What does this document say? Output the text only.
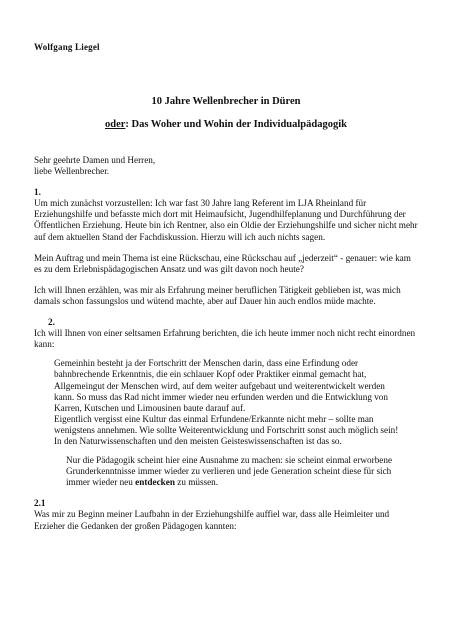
Wolfgang Liegel
10 Jahre Wellenbrecher in Düren
oder: Das Woher und Wohin der Individualpädagogik

Sehr geehrte Damen und Herren,

liebe Wellenbrecher.

1.

Um mich zunächst vorzustellen: Ich war fast 30 Jahre lang Referent im LJA Rheinland für Erziehungshilfe und befasste mich dort mit Heimaufsicht, Jugendhilfeplanung und Durchführung der Öffentlichen Erziehung. Heute bin ich Rentner, also ein Oldie der Erziehungshilfe und sicher nicht mehr auf dem aktuellen Stand der Fachdiskussion. Hierzu will ich auch nichts sagen.

Mein Auftrag und mein Thema ist eine Rückschau, eine Rückschau auf „jederzeit“ - genauer: wie kam es zu dem Erlebnispädagogischen Ansatz und was gilt davon noch heute?

Ich will Ihnen erzählen, was mir als Erfahrung meiner beruflichen Tätigkeit geblieben ist, was mich damals schon fassungslos und wütend machte, aber auf Dauer hin auch endlos müde machte.

2.

Ich will Ihnen von einer seltsamen Erfahrung berichten, die ich heute immer noch nicht recht einordnen kann:

Gemeinhin besteht ja der Fortschritt der Menschen darin, dass eine Erfindung oder bahnbrechende Erkenntnis, die ein schlauer Kopf oder Praktiker einmal gemacht hat, Allgemeingut der Menschen wird, auf dem weiter aufgebaut und weiterentwickelt werden kann. So muss das Rad nicht immer wieder neu erfunden werden und die Entwicklung von Karren, Kutschen und Limousinen baute darauf auf.

Eigentlich vergisst eine Kultur das einmal Erfundene/Erkannte nicht mehr – sollte man wenigstens annehmen. Wie sollte Weiterentwicklung und Fortschritt sonst auch möglich sein! In den Naturwissenschaften und den meisten Geisteswissenschaften ist das so.

Nur die Pädagogik scheint hier eine Ausnahme zu machen: sie scheint einmal erworbene Grunderkenntnisse immer wieder zu verlieren und jede Generation scheint diese für sich immer wieder neu entdecken zu müssen.

2.1

Was mir zu Beginn meiner Laufbahn in der Erziehungshilfe auffiel war, dass alle Heimleiter und Erzieher die Gedanken der großen Pädagogen kannten:
